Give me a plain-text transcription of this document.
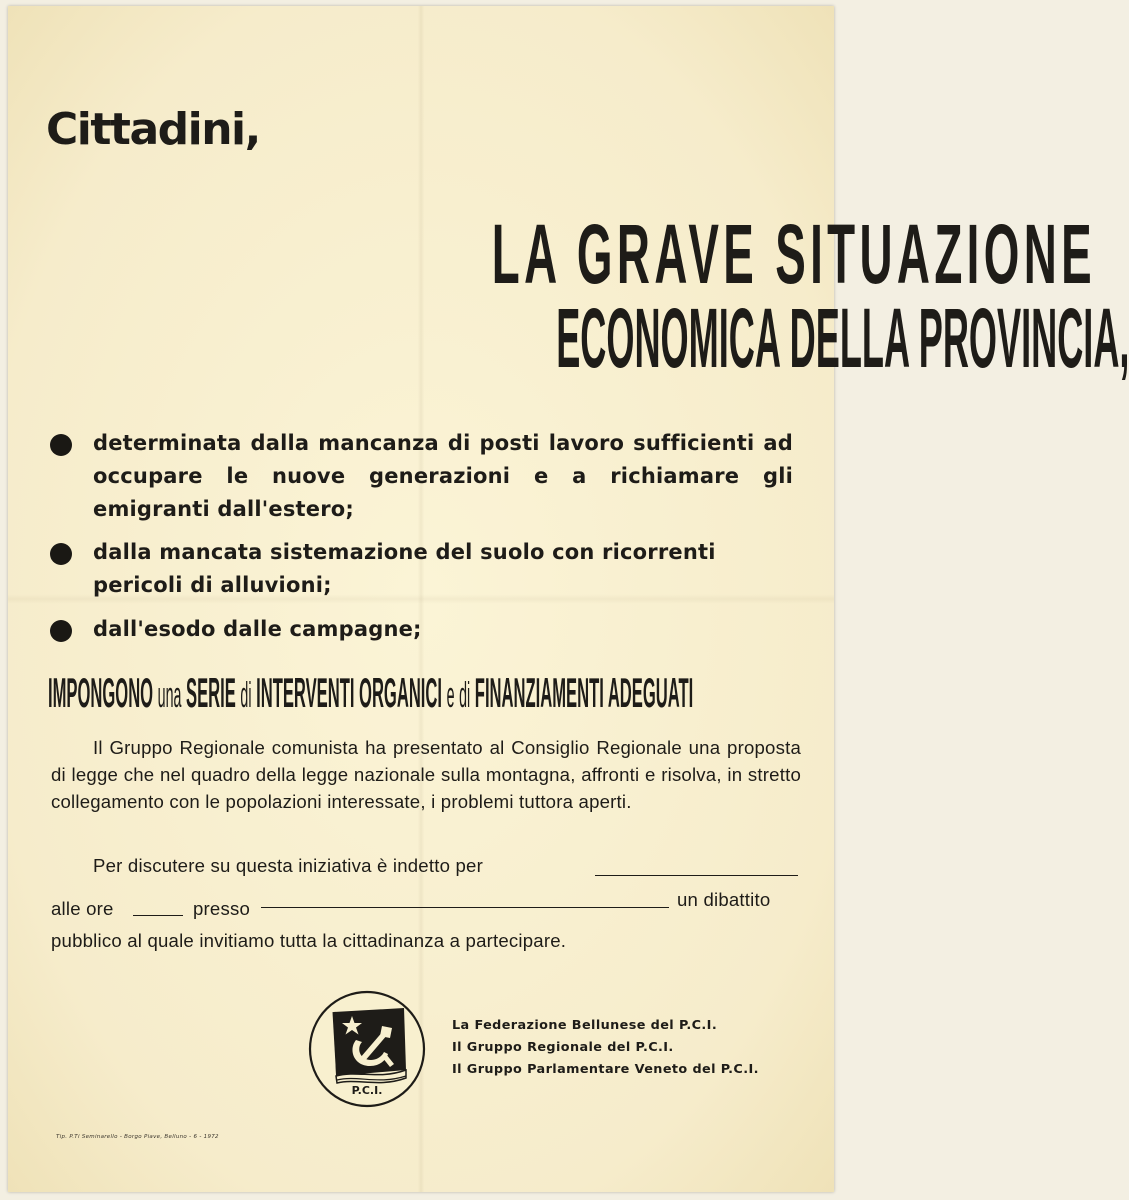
Cittadini,
LA GRAVE SITUAZIONE
ECONOMICA DELLA PROVINCIA,
determinata dalla mancanza di posti lavoro sufficienti ad occupare le nuove generazioni e a richiamare gli emigranti dall'estero;
dalla mancata sistemazione del suolo con ricorrenti pericoli di alluvioni;
dall'esodo dalle campagne;
IMPONGONO una SERIE di INTERVENTI ORGANICI e di FINANZIAMENTI ADEGUATI
Il Gruppo Regionale comunista ha presentato al Consiglio Regionale una proposta di legge che nel quadro della legge nazionale sulla montagna, affronti e risolva, in stretto collegamento con le popolazioni interessate, i problemi tuttora aperti.
Per discutere su questa iniziativa è indetto per
alle ore	presso	un dibattito
pubblico al quale invitiamo tutta la cittadinanza a partecipare.
P.C.I.
La Federazione Bellunese del P.C.I.
Il Gruppo Regionale del P.C.I.
Il Gruppo Parlamentare Veneto del P.C.I.
Tip. P.Ti Seminarello - Borgo Piave, Belluno - 6 - 1972
